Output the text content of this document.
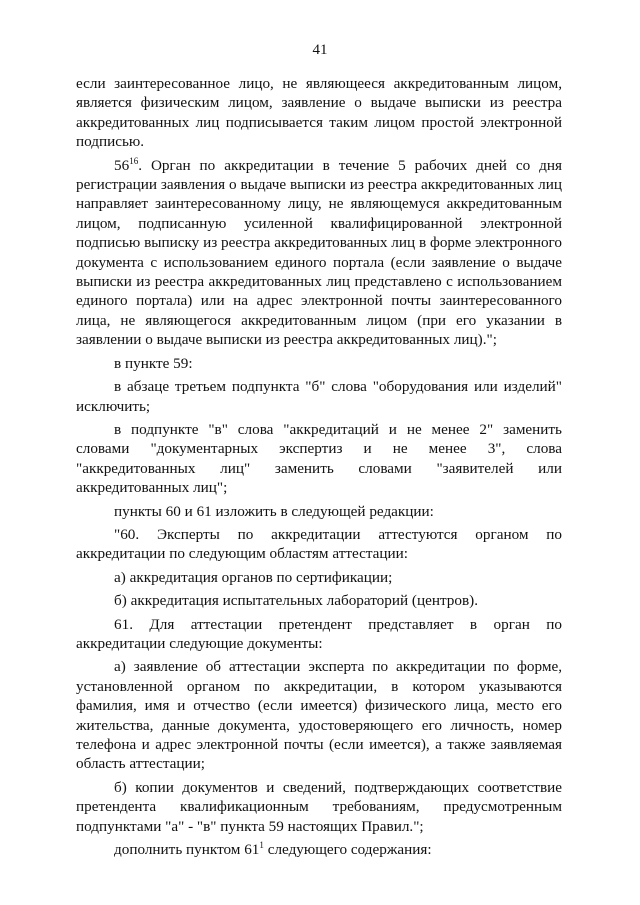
41

если заинтересованное лицо, не являющееся аккредитованным лицом, является физическим лицом, заявление о выдаче выписки из реестра аккредитованных лиц подписывается таким лицом простой электронной подписью.

$56^{16}$. Орган по аккредитации в течение 5 рабочих дней со дня регистрации заявления о выдаче выписки из реестра аккредитованных лиц направляет заинтересованному лицу, не являющемуся аккредитованным лицом, подписанную усиленной квалифицированной электронной подписью выписку из реестра аккредитованных лиц в форме электронного документа с использованием единого портала (если заявление о выдаче выписки из реестра аккредитованных лиц представлено с использованием единого портала) или на адрес электронной почты заинтересованного лица, не являющегося аккредитованным лицом (при его указании в заявлении о выдаче выписки из реестра аккредитованных лиц).";

в пункте 59:

в абзаце третьем подпункта "б" слова "оборудования или изделий" исключить;

в подпункте "в" слова "аккредитаций и не менее 2" заменить словами "документарных экспертиз и не менее 3", слова "аккредитованных лиц" заменить словами "заявителей или аккредитованных лиц";

пункты 60 и 61 изложить в следующей редакции:

"60. Эксперты по аккредитации аттестуются органом по аккредитации по следующим областям аттестации:

а) аккредитация органов по сертификации;

б) аккредитация испытательных лабораторий (центров).

61. Для аттестации претендент представляет в орган по аккредитации следующие документы:

а) заявление об аттестации эксперта по аккредитации по форме, установленной органом по аккредитации, в котором указываются фамилия, имя и отчество (если имеется) физического лица, место его жительства, данные документа, удостоверяющего его личность, номер телефона и адрес электронной почты (если имеется), а также заявляемая область аттестации;

б) копии документов и сведений, подтверждающих соответствие претендента квалификационным требованиям, предусмотренным подпунктами "а" - "в" пункта 59 настоящих Правил.";

дополнить пунктом $61^1$ следующего содержания:
